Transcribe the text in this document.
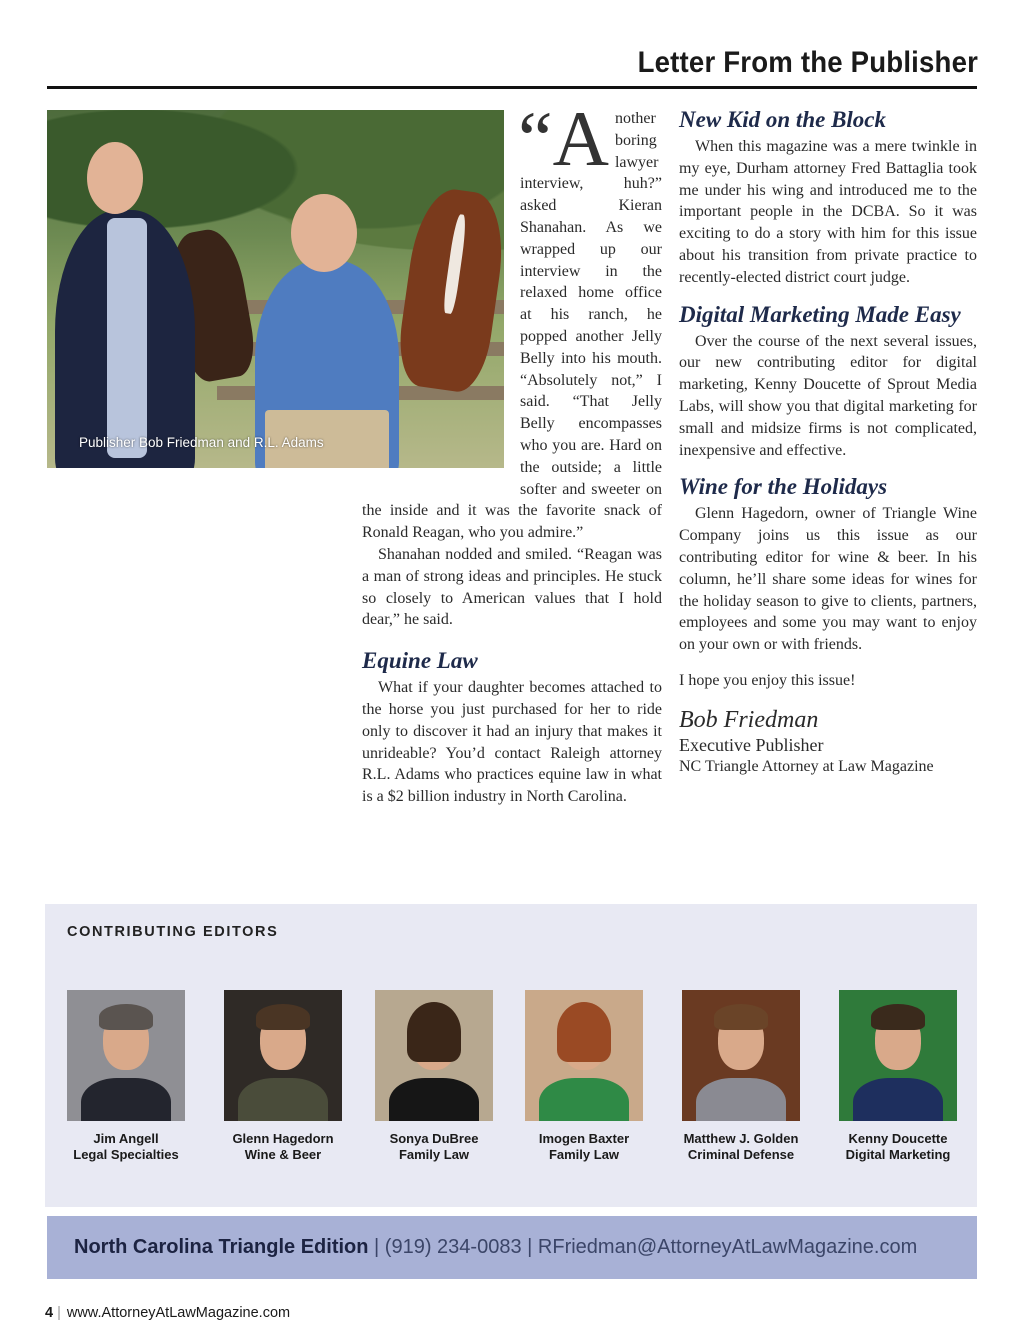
Letter From the Publisher
Publisher Bob Friedman and R.L. Adams

“Another boring lawyer interview, huh?” asked Kieran Shanahan. As we wrapped up our interview in the relaxed home office at his ranch, he popped another Jelly Belly into his mouth. “Absolutely not,” I said. “That Jelly Belly encompasses who you are. Hard on the outside; a little softer and sweeter on the inside and it was the favorite snack of Ronald Reagan, who you admire.”

Shanahan nodded and smiled. “Reagan was a man of strong ideas and principles. He stuck so closely to American values that I hold dear,” he said.

Equine Law

What if your daughter becomes attached to the horse you just purchased for her to ride only to discover it had an injury that makes it unrideable? You’d contact Raleigh attorney R.L. Adams who practices equine law in what is a $2 billion industry in North Carolina.

New Kid on the Block

When this magazine was a mere twinkle in my eye, Durham attorney Fred Battaglia took me under his wing and introduced me to the important people in the DCBA. So it was exciting to do a story with him for this issue about his transition from private practice to recently-elected district court judge.

Digital Marketing Made Easy

Over the course of the next several issues, our new contributing editor for digital marketing, Kenny Doucette of Sprout Media Labs, will show you that digital marketing for small and midsize firms is not complicated, inexpensive and effective.

Wine for the Holidays

Glenn Hagedorn, owner of Triangle Wine Company joins us this issue as our contributing editor for wine & beer. In his column, he’ll share some ideas for wines for the holiday season to give to clients, partners, employees and some you may want to enjoy on your own or with friends.

I hope you enjoy this issue!

Bob Friedman
Executive Publisher
NC Triangle Attorney at Law Magazine
CONTRIBUTING EDITORS
Jim Angell
Legal Specialties
Glenn Hagedorn
Wine & Beer
Sonya DuBree
Family Law
Imogen Baxter
Family Law
Matthew J. Golden
Criminal Defense
Kenny Doucette
Digital Marketing
North Carolina Triangle Edition | (919) 234-0083 | RFriedman@AttorneyAtLawMagazine.com
4 | www.AttorneyAtLawMagazine.com
